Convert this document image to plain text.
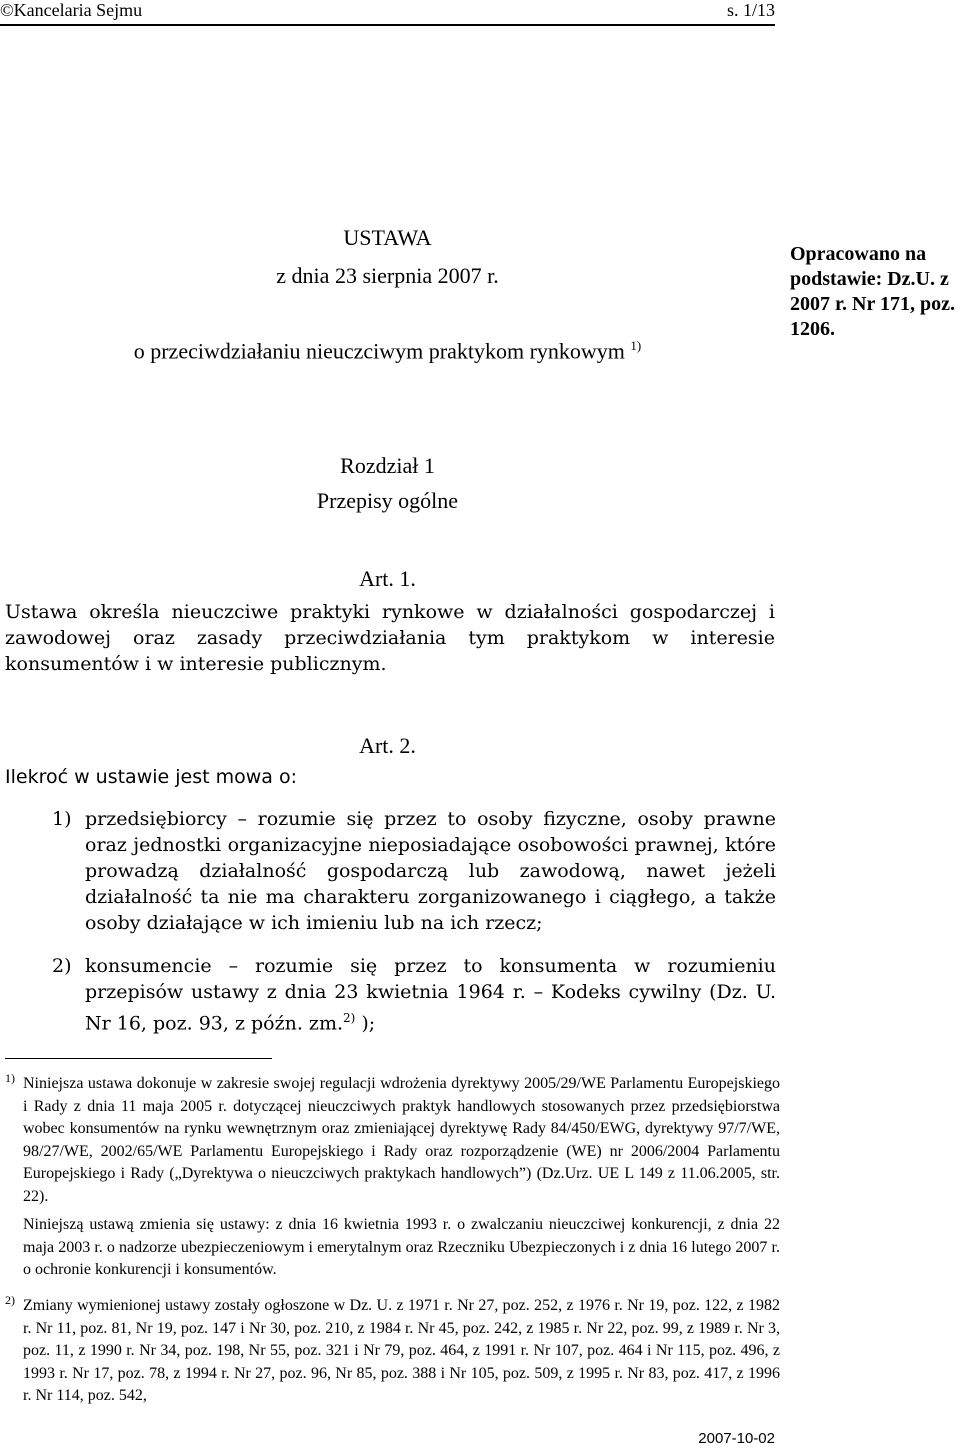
©Kancelaria Sejmu	s. 1/13
USTAWA
z dnia 23 sierpnia 2007 r.
o przeciwdziałaniu nieuczciwym praktykom rynkowym $^{1)}$
Opracowano na podstawie: Dz.U. z 2007 r. Nr 171, poz. 1206.
Rozdział 1
Przepisy ogólne
Art. 1.
Ustawa określa nieuczciwe praktyki rynkowe w działalności gospodarczej i zawodowej oraz zasady przeciwdziałania tym praktykom w interesie konsumentów i w interesie publicznym.
Art. 2.
Ilekroć w ustawie jest mowa o:
1) przedsiębiorcy – rozumie się przez to osoby fizyczne, osoby prawne oraz jednostki organizacyjne nieposiadające osobowości prawnej, które prowadzą działalność gospodarczą lub zawodową, nawet jeżeli działalność ta nie ma charakteru zorganizowanego i ciągłego, a także osoby działające w ich imieniu lub na ich rzecz;
2) konsumencie – rozumie się przez to konsumenta w rozumieniu przepisów ustawy z dnia 23 kwietnia 1964 r. – Kodeks cywilny (Dz. U. Nr 16, poz. 93, z późn. zm.$^{2)}$ );
1) Niniejsza ustawa dokonuje w zakresie swojej regulacji wdrożenia dyrektywy 2005/29/WE Parlamentu Europejskiego i Rady z dnia 11 maja 2005 r. dotyczącej nieuczciwych praktyk handlowych stosowanych przez przedsiębiorstwa wobec konsumentów na rynku wewnętrznym oraz zmieniającej dyrektywę Rady 84/450/EWG, dyrektywy 97/7/WE, 98/27/WE, 2002/65/WE Parlamentu Europejskiego i Rady oraz rozporządzenie (WE) nr 2006/2004 Parlamentu Europejskiego i Rady („Dyrektywa o nieuczciwych praktykach handlowych”) (Dz.Urz. UE L 149 z 11.06.2005, str. 22).
Niniejszą ustawą zmienia się ustawy: z dnia 16 kwietnia 1993 r. o zwalczaniu nieuczciwej konkurencji, z dnia 22 maja 2003 r. o nadzorze ubezpieczeniowym i emerytalnym oraz Rzeczniku Ubezpieczonych i z dnia 16 lutego 2007 r. o ochronie konkurencji i konsumentów.
2) Zmiany wymienionej ustawy zostały ogłoszone w Dz. U. z 1971 r. Nr 27, poz. 252, z 1976 r. Nr 19, poz. 122, z 1982 r. Nr 11, poz. 81, Nr 19, poz. 147 i Nr 30, poz. 210, z 1984 r. Nr 45, poz. 242, z 1985 r. Nr 22, poz. 99, z 1989 r. Nr 3, poz. 11, z 1990 r. Nr 34, poz. 198, Nr 55, poz. 321 i Nr 79, poz. 464, z 1991 r. Nr 107, poz. 464 i Nr 115, poz. 496, z 1993 r. Nr 17, poz. 78, z 1994 r. Nr 27, poz. 96, Nr 85, poz. 388 i Nr 105, poz. 509, z 1995 r. Nr 83, poz. 417, z 1996 r. Nr 114, poz. 542,
2007-10-02
